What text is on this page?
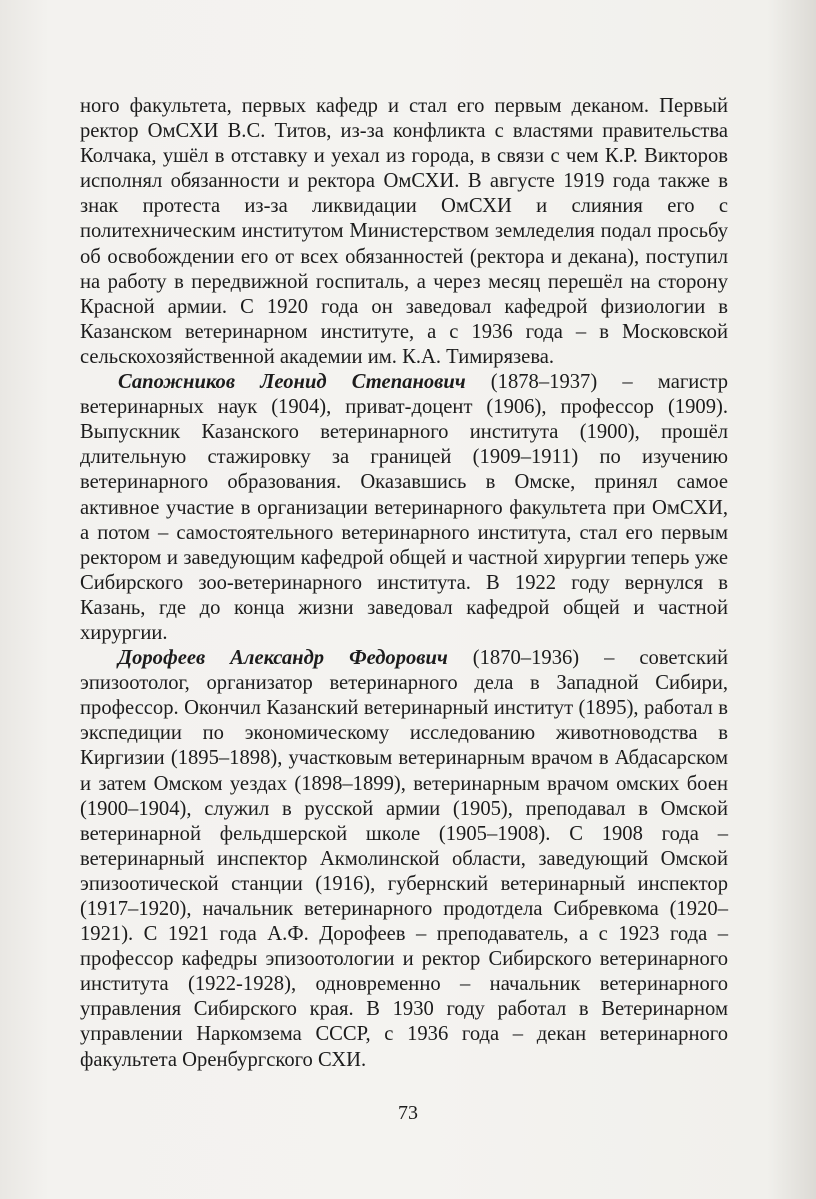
ного факультета, первых кафедр и стал его первым деканом. Первый ректор ОмСХИ В.С. Титов, из-за конфликта с властями правительства Колчака, ушёл в отставку и уехал из города, в связи с чем К.Р. Викторов исполнял обязанности и ректора ОмСХИ. В августе 1919 года также в знак протеста из-за ликвидации ОмСХИ и слияния его с политехническим институтом Министерством земледелия подал просьбу об освобождении его от всех обязанностей (ректора и декана), поступил на работу в передвижной госпиталь, а через месяц перешёл на сторону Красной армии. С 1920 года он заведовал кафедрой физиологии в Казанском ветеринарном институте, а с 1936 года – в Московской сельскохозяйственной академии им. К.А. Тимирязева.

Сапожников Леонид Степанович (1878–1937) – магистр ветеринарных наук (1904), приват-доцент (1906), профессор (1909). Выпускник Казанского ветеринарного института (1900), прошёл длительную стажировку за границей (1909–1911) по изучению ветеринарного образования. Оказавшись в Омске, принял самое активное участие в организации ветеринарного факультета при ОмСХИ, а потом – самостоятельного ветеринарного института, стал его первым ректором и заведующим кафедрой общей и частной хирургии теперь уже Сибирского зоо-ветеринарного института. В 1922 году вернулся в Казань, где до конца жизни заведовал кафедрой общей и частной хирургии.

Дорофеев Александр Федорович (1870–1936) – советский эпизоотолог, организатор ветеринарного дела в Западной Сибири, профессор. Окончил Казанский ветеринарный институт (1895), работал в экспедиции по экономическому исследованию животноводства в Киргизии (1895–1898), участковым ветеринарным врачом в Абдасарском и затем Омском уездах (1898–1899), ветеринарным врачом омских боен (1900–1904), служил в русской армии (1905), преподавал в Омской ветеринарной фельдшерской школе (1905–1908). С 1908 года – ветеринарный инспектор Акмолинской области, заведующий Омской эпизоотической станции (1916), губернский ветеринарный инспектор (1917–1920), начальник ветеринарного продотдела Сибревкома (1920–1921). С 1921 года А.Ф. Дорофеев – преподаватель, а с 1923 года – профессор кафедры эпизоотологии и ректор Сибирского ветеринарного института (1922-1928), одновременно – начальник ветеринарного управления Сибирского края. В 1930 году работал в Ветеринарном управлении Наркомзема СССР, с 1936 года – декан ветеринарного факультета Оренбургского СХИ.

73
